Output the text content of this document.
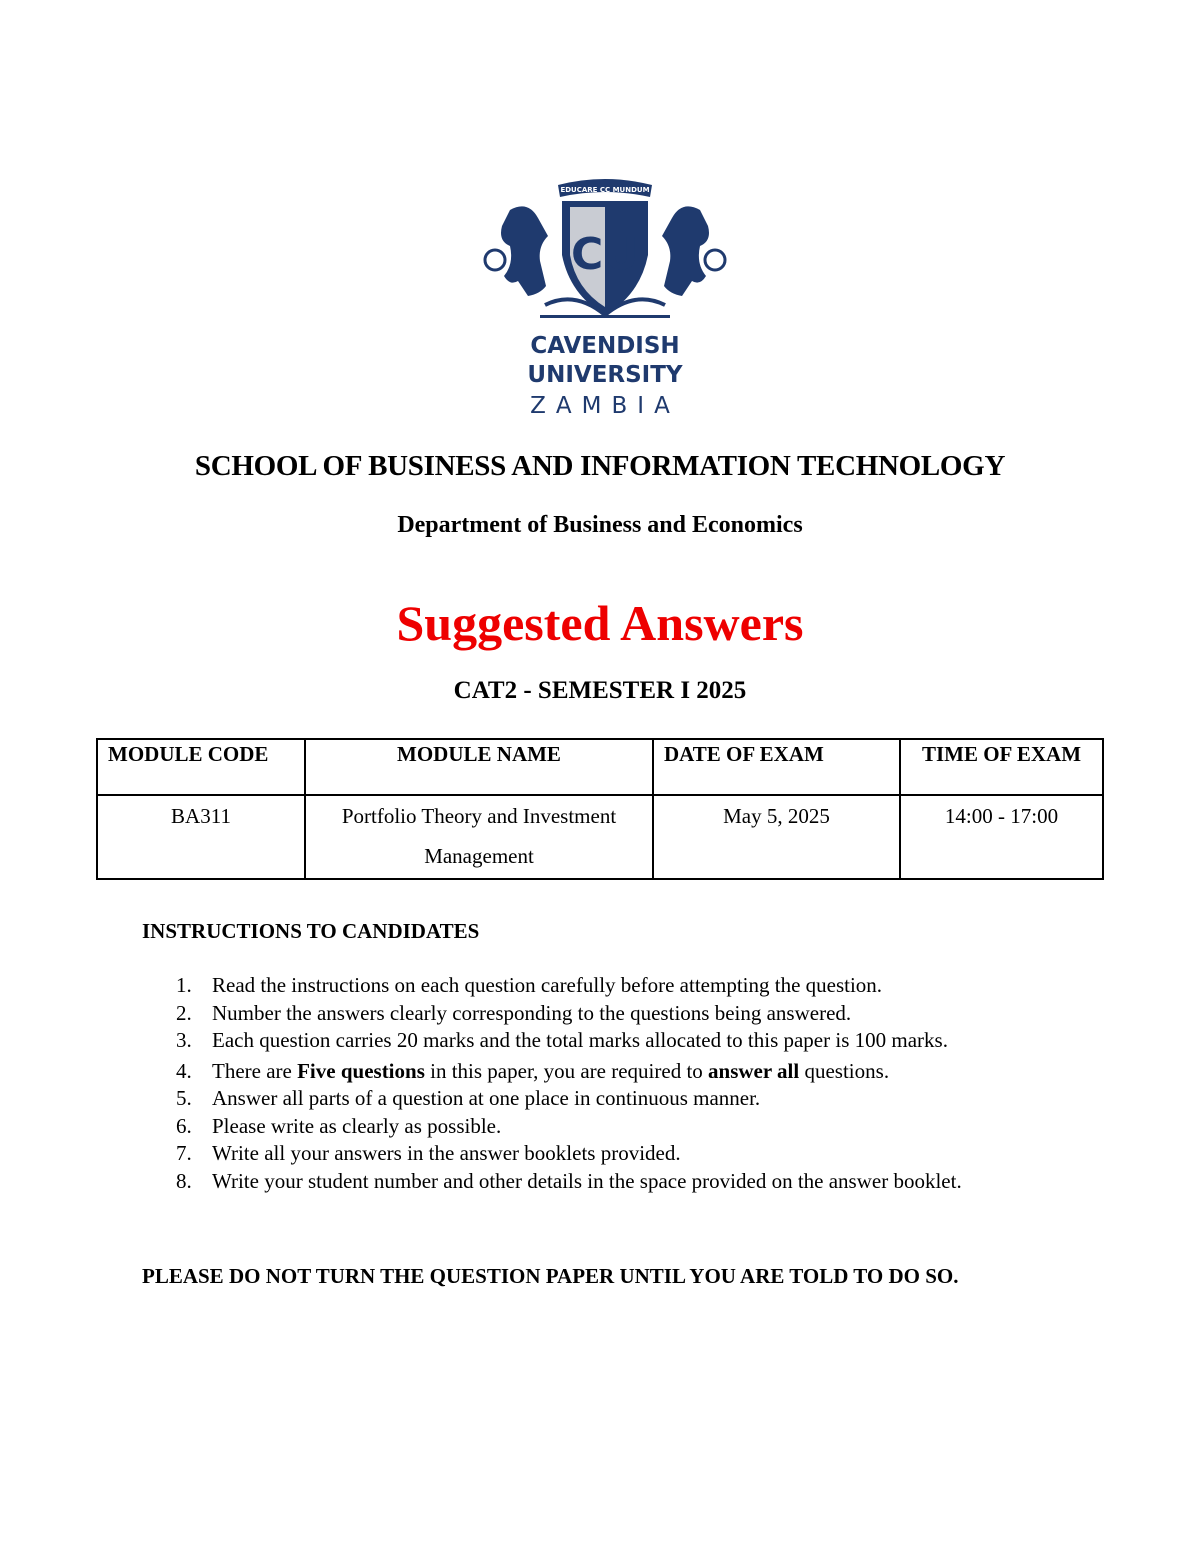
EDUCARE CC MUNDUM
CU
CAVENDISH
UNIVERSITY
ZAMBIA
SCHOOL OF BUSINESS AND INFORMATION TECHNOLOGY
Department of Business and Economics
Suggested Answers
CAT2 - SEMESTER I 2025
MODULE CODE	MODULE NAME	DATE OF EXAM	TIME OF EXAM
BA311	Portfolio Theory and Investment Management	May 5, 2025	14:00 - 17:00
INSTRUCTIONS TO CANDIDATES
1. Read the instructions on each question carefully before attempting the question.
2. Number the answers clearly corresponding to the questions being answered.
3. Each question carries 20 marks and the total marks allocated to this paper is 100 marks.
4. There are Five questions in this paper, you are required to answer all questions.
5. Answer all parts of a question at one place in continuous manner.
6. Please write as clearly as possible.
7. Write all your answers in the answer booklets provided.
8. Write your student number and other details in the space provided on the answer booklet.
PLEASE DO NOT TURN THE QUESTION PAPER UNTIL YOU ARE TOLD TO DO SO.
